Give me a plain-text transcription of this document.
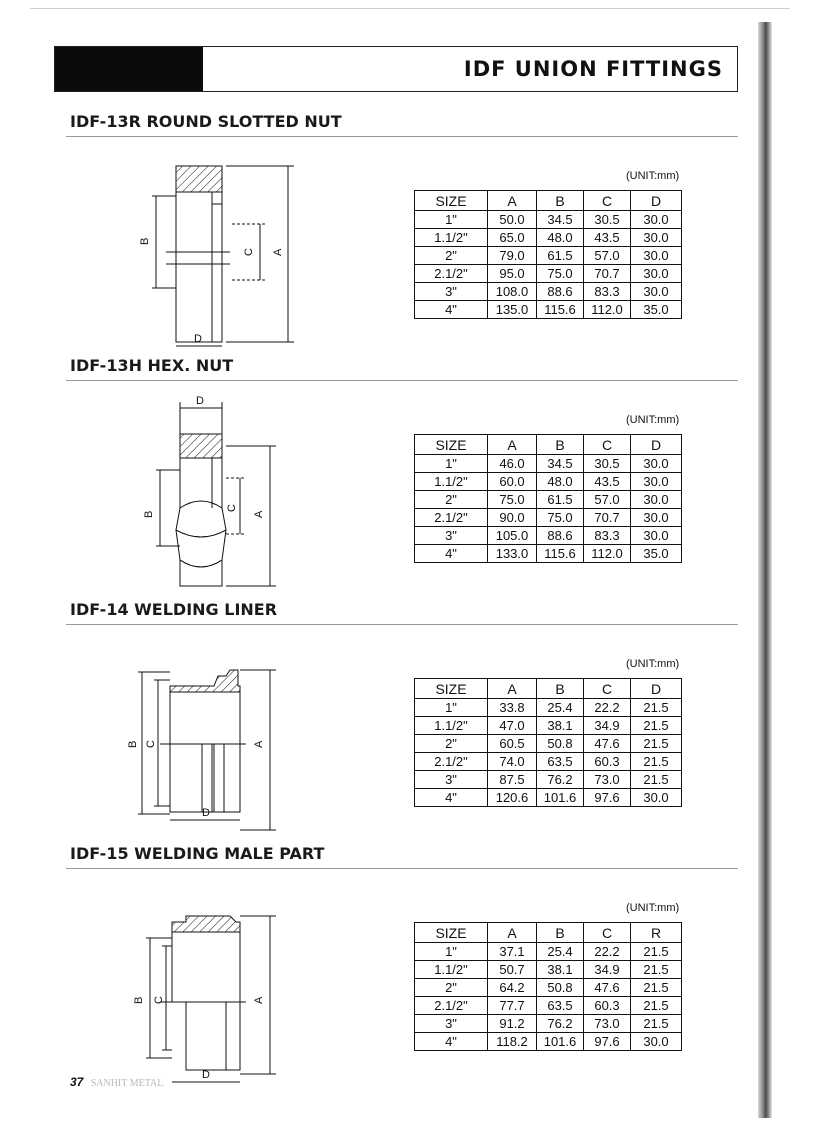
IDF UNION FITTINGS
IDF-13R ROUND SLOTTED NUT
B
C A
D
(UNIT:mm)
SIZE	A	B	C	D
1"	50.0	34.5	30.5	30.0
1.1/2"	65.0	48.0	43.5	30.0
2"	79.0	61.5	57.0	30.0
2.1/2"	95.0	75.0	70.7	30.0
3"	108.0	88.6	83.3	30.0
4"	135.0	115.6	112.0	35.0
IDF-13H HEX. NUT
D
B
C
A
(UNIT:mm)
SIZE	A	B	C	D
1"	46.0	34.5	30.5	30.0
1.1/2"	60.0	48.0	43.5	30.0
2"	75.0	61.5	57.0	30.0
2.1/2"	90.0	75.0	70.7	30.0
3"	105.0	88.6	83.3	30.0
4"	133.0	115.6	112.0	35.0
IDF-14 WELDING LINER
B C	A
D
(UNIT:mm)
SIZE	A	B	C	D
1"	33.8	25.4	22.2	21.5
1.1/2"	47.0	38.1	34.9	21.5
2"	60.5	50.8	47.6	21.5
2.1/2"	74.0	63.5	60.3	21.5
3"	87.5	76.2	73.0	21.5
4"	120.6	101.6	97.6	30.0
IDF-15 WELDING MALE PART
B C	A
D
(UNIT:mm)
SIZE	A	B	C	R
1"	37.1	25.4	22.2	21.5
1.1/2"	50.7	38.1	34.9	21.5
2"	64.2	50.8	47.6	21.5
2.1/2"	77.7	63.5	60.3	21.5
3"	91.2	76.2	73.0	21.5
4"	118.2	101.6	97.6	30.0
37 SANHIT METAL
